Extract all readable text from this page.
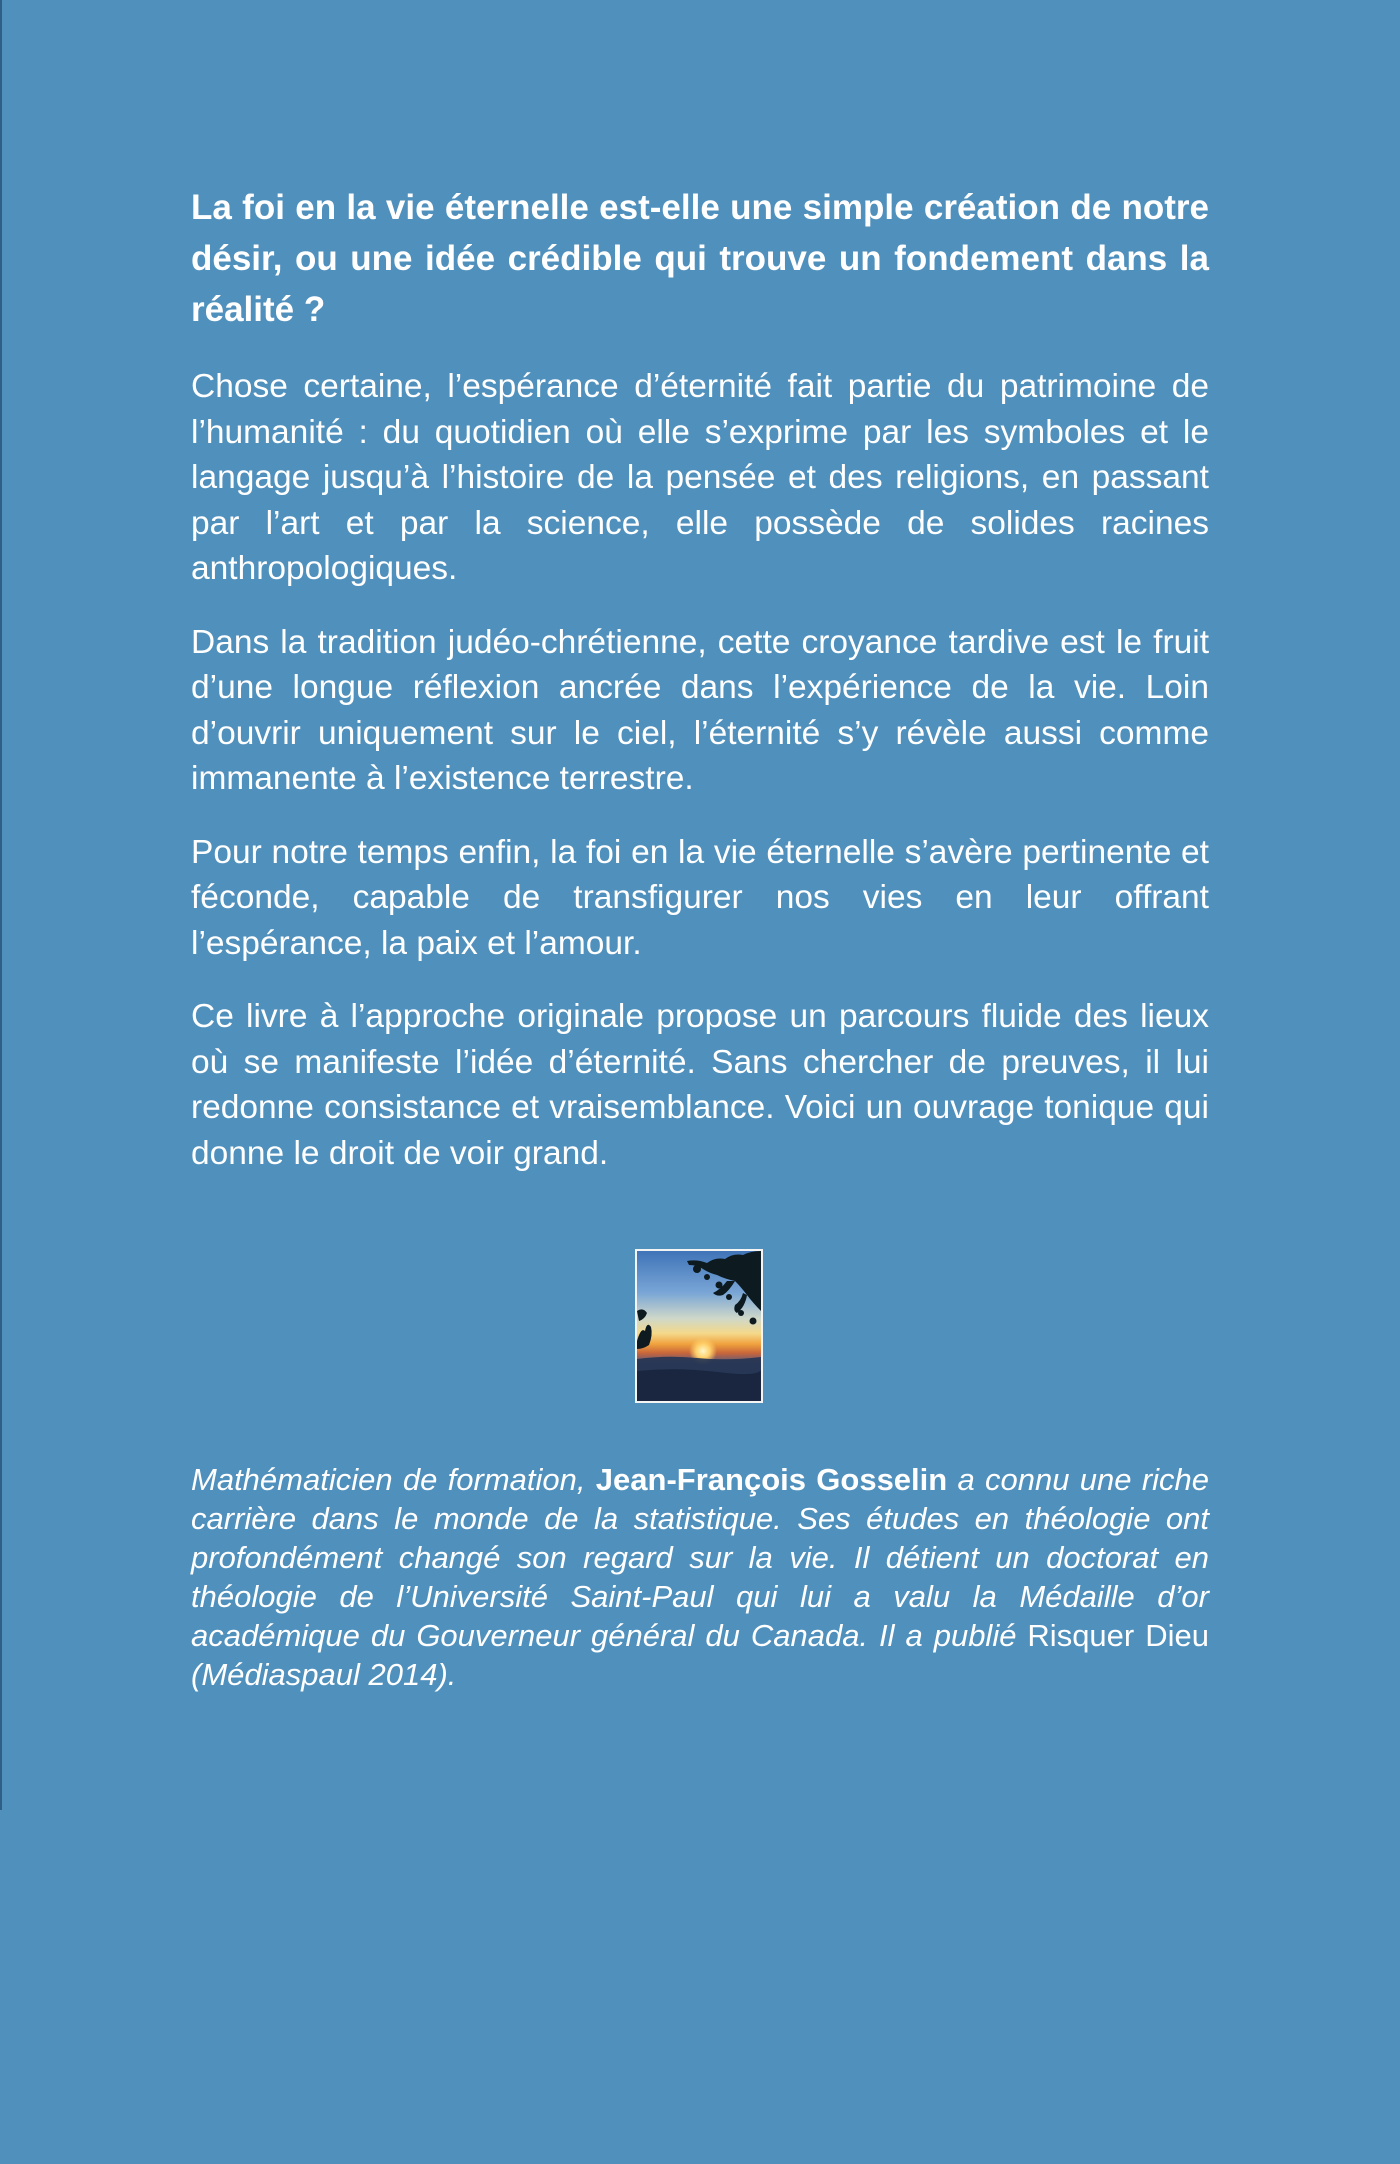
La foi en la vie éternelle est-elle une simple création de notre désir, ou une idée crédible qui trouve un fondement dans la réalité ?

Chose certaine, l’espérance d’éternité fait partie du patrimoine de l’humanité : du quotidien où elle s’exprime par les symboles et le langage jusqu’à l’histoire de la pensée et des religions, en passant par l’art et par la science, elle possède de solides racines anthropologiques.

Dans la tradition judéo-chrétienne, cette croyance tardive est le fruit d’une longue réflexion ancrée dans l’expérience de la vie. Loin d’ouvrir uniquement sur le ciel, l’éternité s’y révèle aussi comme immanente à l’existence terrestre.

Pour notre temps enfin, la foi en la vie éternelle s’avère pertinente et féconde, capable de transfigurer nos vies en leur offrant l’espérance, la paix et l’amour.

Ce livre à l’approche originale propose un parcours fluide des lieux où se manifeste l’idée d’éternité. Sans chercher de preuves, il lui redonne consistance et vraisemblance. Voici un ouvrage tonique qui donne le droit de voir grand.

Mathématicien de formation, Jean-François Gosselin a connu une riche carrière dans le monde de la statistique. Ses études en théologie ont profondément changé son regard sur la vie. Il détient un doctorat en théologie de l’Université Saint-Paul qui lui a valu la Médaille d’or académique du Gouverneur général du Canada. Il a publié Risquer Dieu (Médiaspaul 2014).
